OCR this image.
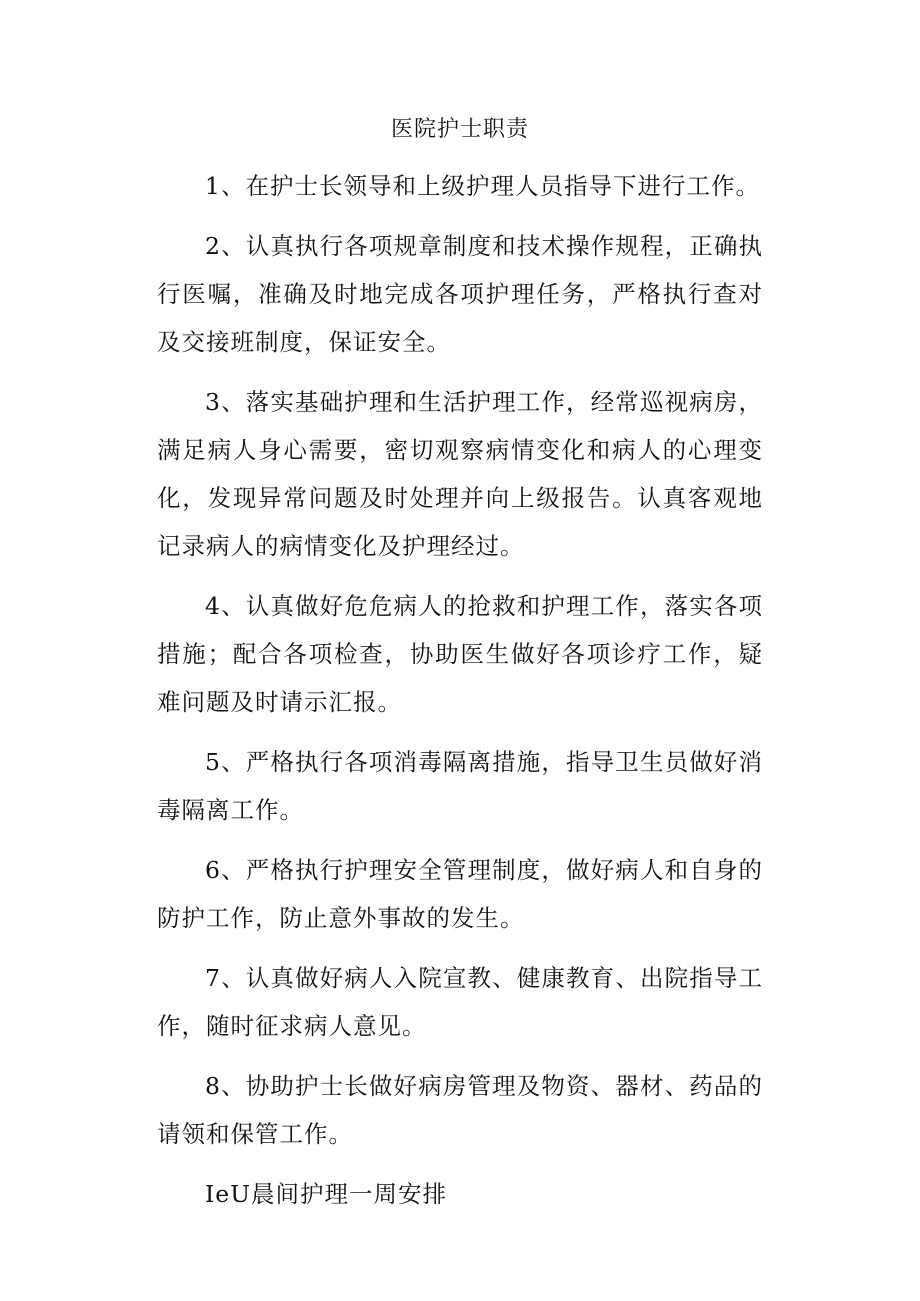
医院护士职责

1、在护士长领导和上级护理人员指导下进行工作。

2、认真执行各项规章制度和技术操作规程，正确执行医嘱，准确及时地完成各项护理任务，严格执行查对及交接班制度，保证安全。

3、落实基础护理和生活护理工作，经常巡视病房，满足病人身心需要，密切观察病情变化和病人的心理变化，发现异常问题及时处理并向上级报告。认真客观地记录病人的病情变化及护理经过。

4、认真做好危危病人的抢救和护理工作，落实各项措施；配合各项检查，协助医生做好各项诊疗工作，疑难问题及时请示汇报。

5、严格执行各项消毒隔离措施，指导卫生员做好消毒隔离工作。

6、严格执行护理安全管理制度，做好病人和自身的防护工作，防止意外事故的发生。

7、认真做好病人入院宣教、健康教育、出院指导工作，随时征求病人意见。

8、协助护士长做好病房管理及物资、器材、药品的请领和保管工作。

IeU晨间护理一周安排
